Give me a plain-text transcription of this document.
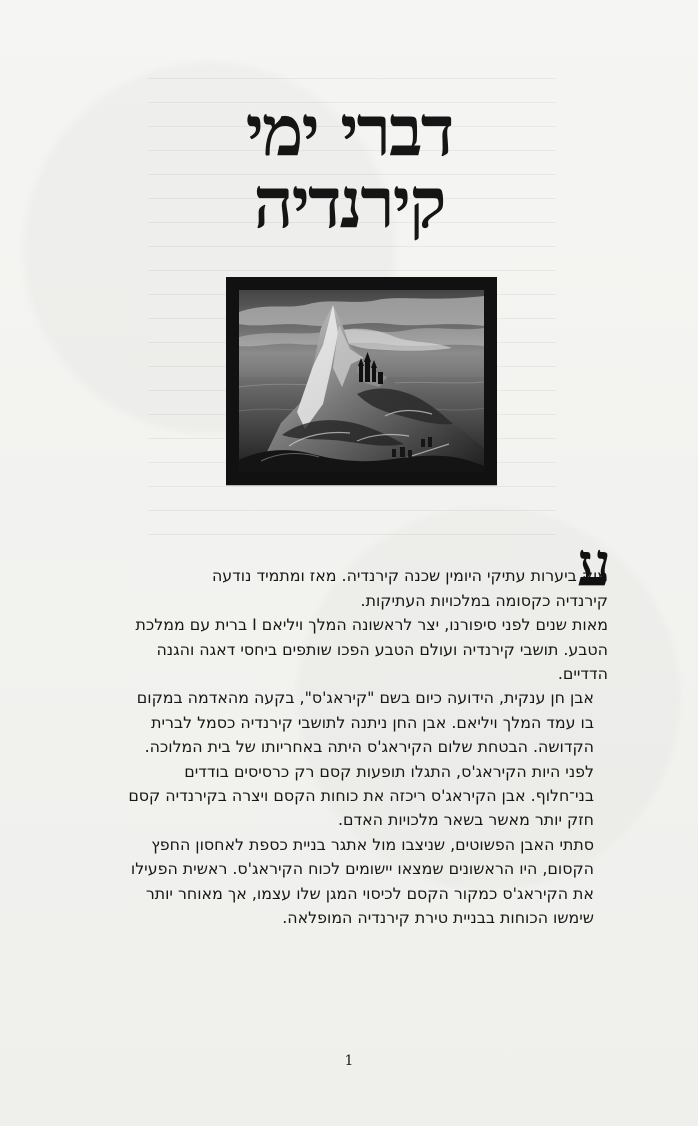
דברי ימי
קירנדיה

ע
מוק ביערות עתיקי היומין שכנה קירנדיה. מאז ומתמיד נודעה
קירנדיה כקסומה במלכויות העתיקות.

מאות שנים לפני סיפורנו, יצר לראשונה המלך ויליאם I ברית עם ממלכת
הטבע. תושבי קירנדיה ועולם הטבע הפכו שותפים ביחסי דאגה והגנה
הדדיים.

אבן חן ענקית, הידועה כיום בשם "קיראג'ס", בקעה מהאדמה במקום
בו עמד המלך ויליאם. אבן החן ניתנה לתושבי קירנדיה כסמל לברית
הקדושה. הבטחת שלום הקיראג'ס היתה באחריותו של בית המלוכה.

לפני היות הקיראג'ס, התגלו תופעות קסם רק כרסיסים בודדים
בני־חלוף. אבן הקיראג'ס ריכזה את כוחות הקסם ויצרה בקירנדיה קסם
חזק יותר מאשר בשאר מלכויות האדם.

סתתי האבן הפשוטים, שניצבו מול אתגר בניית כספת לאחסון החפץ
הקסום, היו הראשונים שמצאו יישומים לכוח הקיראג'ס. ראשית הפעילו
את הקיראג'ס כמקור הקסם לכיסוי המגן שלו עצמו, אך מאוחר יותר
שימשו הכוחות בבניית טירת קירנדיה המופלאה.

1
